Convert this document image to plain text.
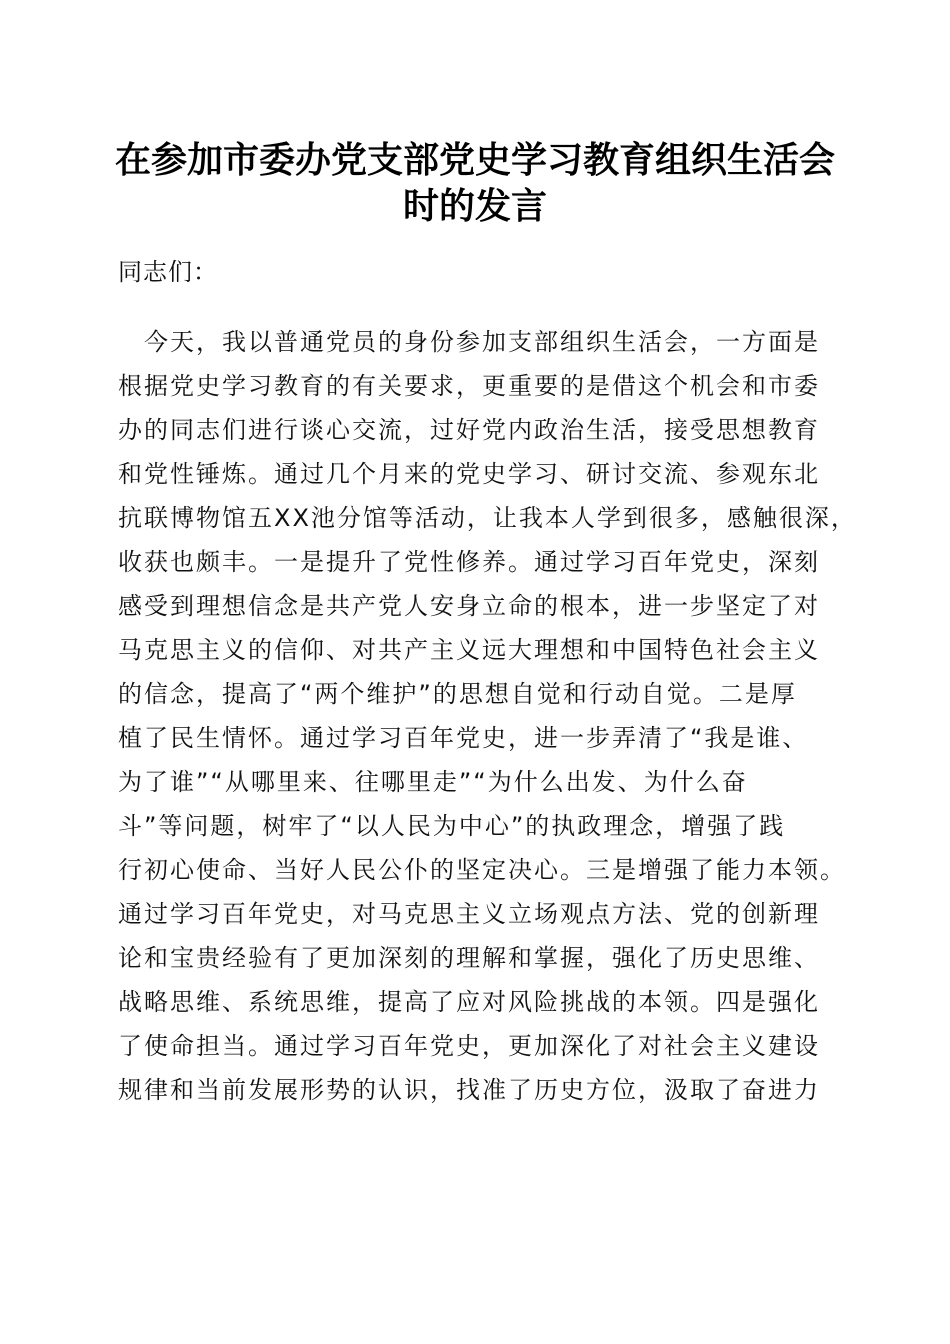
在参加市委办党支部党史学习教育组织生活会
时的发言
同志们：
　今天，我以普通党员的身份参加支部组织生活会，一方面是
根据党史学习教育的有关要求，更重要的是借这个机会和市委
办的同志们进行谈心交流，过好党内政治生活，接受思想教育
和党性锤炼。通过几个月来的党史学习、研讨交流、参观东北
抗联博物馆五XX池分馆等活动，让我本人学到很多，感触很深，
收获也颇丰。一是提升了党性修养。通过学习百年党史，深刻
感受到理想信念是共产党人安身立命的根本，进一步坚定了对
马克思主义的信仰、对共产主义远大理想和中国特色社会主义
的信念，提高了“两个维护”的思想自觉和行动自觉。二是厚
植了民生情怀。通过学习百年党史，进一步弄清了“我是谁、
为了谁”“从哪里来、往哪里走”“为什么出发、为什么奋
斗”等问题，树牢了“以人民为中心”的执政理念，增强了践
行初心使命、当好人民公仆的坚定决心。三是增强了能力本领。
通过学习百年党史，对马克思主义立场观点方法、党的创新理
论和宝贵经验有了更加深刻的理解和掌握，强化了历史思维、
战略思维、系统思维，提高了应对风险挑战的本领。四是强化
了使命担当。通过学习百年党史，更加深化了对社会主义建设
规律和当前发展形势的认识，找准了历史方位，汲取了奋进力
